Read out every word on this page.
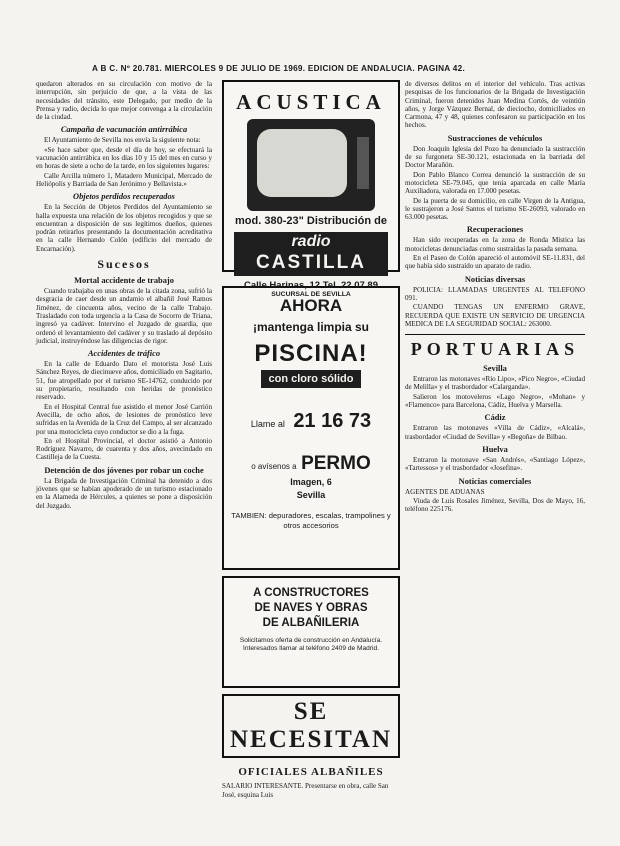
A B C. Nº 20.781. MIERCOLES 9 DE JULIO DE 1969. EDICION DE ANDALUCIA. PAGINA 42.

quedaron alterados en su circulación con motivo de la interrupción, sin perjuicio de que, a la vista de las necesidades del tránsito, este Delegado, por medio de la Prensa y radio, decida lo que mejor convenga a la circulación de la ciudad.

Campaña de vacunación antirrábica

El Ayuntamiento de Sevilla nos envía la siguiente nota:

«Se hace saber que, desde el día de hoy, se efectuará la vacunación antirrábica en los días 10 y 15 del mes en curso y en horas de siete a ocho de la tarde, en los siguientes lugares:

Calle Arcilla número 1, Matadero Municipal, Mercado de Heliópolis y Barriada de San Jerónimo y Bellavista.»

Objetos perdidos recuperados

En la Sección de Objetos Perdidos del Ayuntamiento se halla expuesta una relación de los objetos recogidos y que se encuentran a disposición de sus legítimos dueños, quienes podrán retirarlos presentando la documentación acreditativa en la calle Hernando Colón (edificio del mercado de Encarnación).

Sucesos
Mortal accidente de trabajo

Cuando trabajaba en unas obras de la citada zona, sufrió la desgracia de caer desde un andamio el albañil José Ramos Jiménez, de cincuenta años, vecino de la calle Trabajo. Trasladado con toda urgencia a la Casa de Socorro de Triana, ingresó ya cadáver. Intervino el Juzgado de guardia, que ordenó el levantamiento del cadáver y su traslado al depósito judicial, instruyéndose las diligencias de rigor.

Accidentes de tráfico

En la calle de Eduardo Dato el motorista José Luis Sánchez Reyes, de diecinueve años, domiciliado en Sagitario, 51, fue atropellado por el turismo SE-14762, conducido por su propietario, resultando con heridas de pronóstico reservado.

En el Hospital Central fue asistido el menor José Carrión Avecilla, de ocho años, de lesiones de pronóstico leve sufridas en la Avenida de la Cruz del Campo, al ser alcanzado por una motocicleta cuyo conductor se dio a la fuga.

En el Hospital Provincial, el doctor asistió a Antonio Rodríguez Navarro, de cuarenta y dos años, avecindado en Castilleja de la Cuesta.

Detención de dos jóvenes por robar un coche

La Brigada de Investigación Criminal ha detenido a dos jóvenes que se habían apoderado de un turismo estacionado en la Alameda de Hércules, a quienes se pone a disposición del Juzgado.

ACUSTICA
mod. 380-23" Distribución de
radio
CASTILLA
Calle Harinas, 12 Tel. 22 07 89
SUCURSAL DE SEVILLA
AHORA
¡mantenga limpia su
PISCINA!
con cloro sólido
Llame al 21 16 73
o avísenos a PERMO
Imagen, 6
Sevilla
TAMBIEN: depuradores, escalas, trampolines y otros accesorios
A CONSTRUCTORES
DE NAVES Y OBRAS
DE ALBAÑILERIA
Solicitamos oferta de construcción en Andalucía. Interesados llamar al teléfono 2409 de Madrid.
SE NECESITAN
OFICIALES ALBAÑILES
SALARIO INTERESANTE. Presentarse en obra, calle San José, esquina Luis

de diversos delitos en el interior del vehículo. Tras activas pesquisas de los funcionarios de la Brigada de Investigación Criminal, fueron detenidos Juan Medina Cortés, de veintiún años, y Jorge Vázquez Bernal, de dieciocho, domiciliados en Carmona, 47 y 48, quienes confesaron su participación en los hechos.

Sustracciones de vehículos

Don Joaquín Iglesia del Pozo ha denunciado la sustracción de su furgoneta SE-30.121, estacionada en la barriada del Doctor Marañón.

Don Pablo Blanco Correa denunció la sustracción de su motocicleta SE-79.045, que tenía aparcada en calle María Auxiliadora, valorada en 17.000 pesetas.

De la puerta de su domicilio, en calle Virgen de la Antigua, le sustrajeron a José Santos el turismo SE-26093, valorado en 63.000 pesetas.

Recuperaciones

Han sido recuperadas en la zona de Ronda Mística las motocicletas denunciadas como sustraídas la pasada semana.

En el Paseo de Colón apareció el automóvil SE-11.831, del que había sido sustraído un aparato de radio.

Noticias diversas

POLICIA: LLAMADAS URGENTES AL TELEFONO 091.

CUANDO TENGAS UN ENFERMO GRAVE, RECUERDA QUE EXISTE UN SERVICIO DE URGENCIA MEDICA DE LA SEGURIDAD SOCIAL: 263000.

PORTUARIAS
Sevilla

Entraron las motonaves «Río Lipo», «Pico Negro», «Ciudad de Melilla» y el trasbordador «Calarganda».

Salieron los motoveleros «Lago Negro», «Mohan» y «Flamenco» para Barcelona, Cádiz, Huelva y Marsella.

Cádiz

Entraron las motonaves «Villa de Cádiz», «Alcalá», trasbordador «Ciudad de Sevilla» y «Begoña» de Bilbao.

Huelva

Entraron la motonave «San Andrés», «Santiago López», «Tartessos» y el trasbordador «Josefina».

Noticias comerciales

AGENTES DE ADUANAS

Viuda de Luis Rosales Jiménez, Sevilla, Dos de Mayo, 16, teléfono 225176.
